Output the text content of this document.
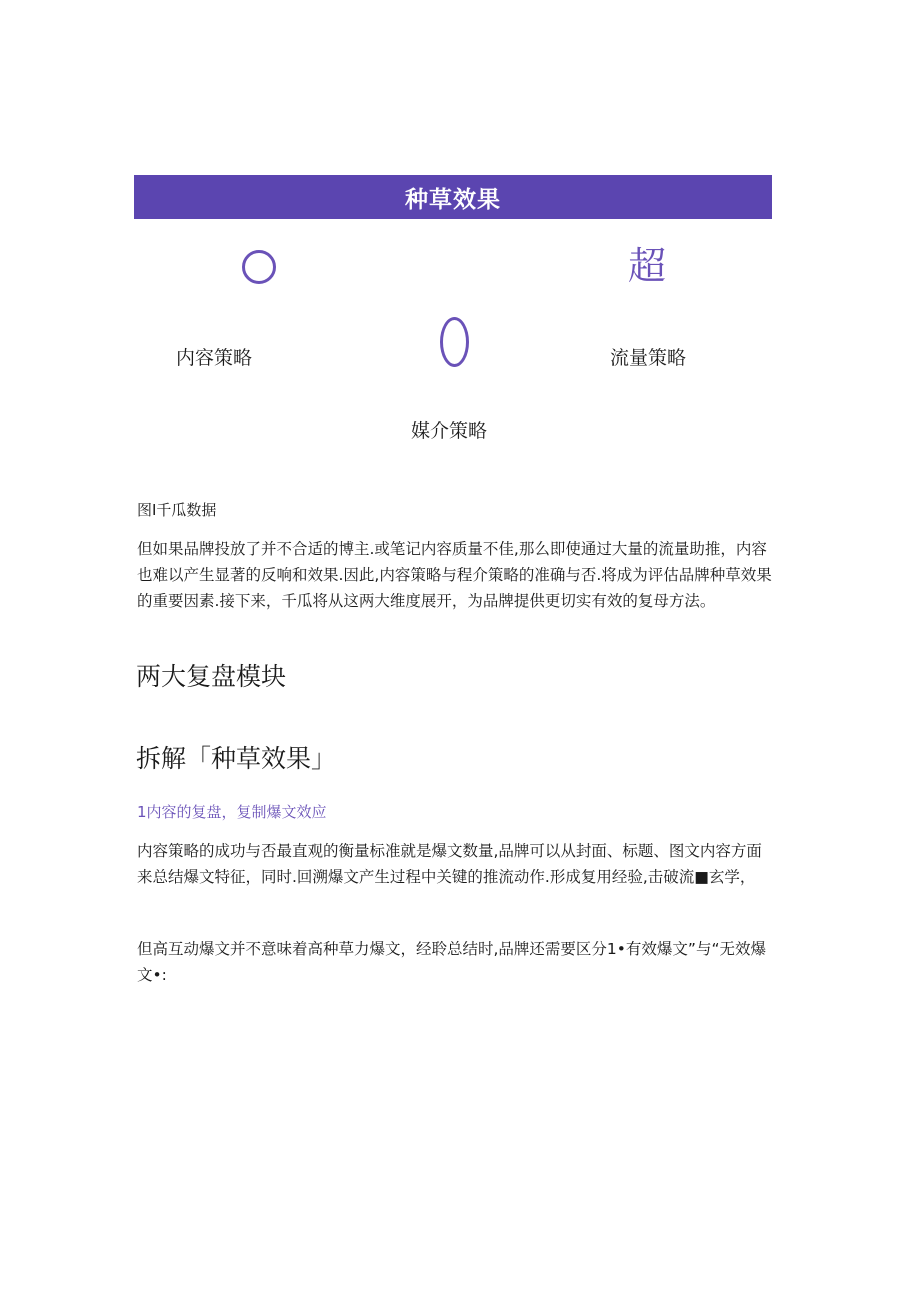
种草效果
超
内容策略	流量策略
媒介策略
图I千瓜数据

但如果品牌投放了并不合适的博主.或笔记内容质量不佳,那么即使通过大量的流量助推，内容也难以产生显著的反响和效果.因此,内容策略与程介策略的准确与否.将成为评估品牌种草效果的重要因素.接下来，千瓜将从这两大维度展开，为品牌提供更切实有效的复母方法。

两大复盘模块
拆解「种草效果」
1内容的复盘，复制爆文效应

内容策略的成功与否最直观的衡量标准就是爆文数量,品牌可以从封面、标题、图文内容方面来总结爆文特征，同时.回溯爆文产生过程中关键的推流动作.形成复用经验,击破流■玄学，

但高互动爆文并不意味着高种草力爆文，经聆总结时,品牌还需要区分1•有效爆文”与“无效爆文•:
